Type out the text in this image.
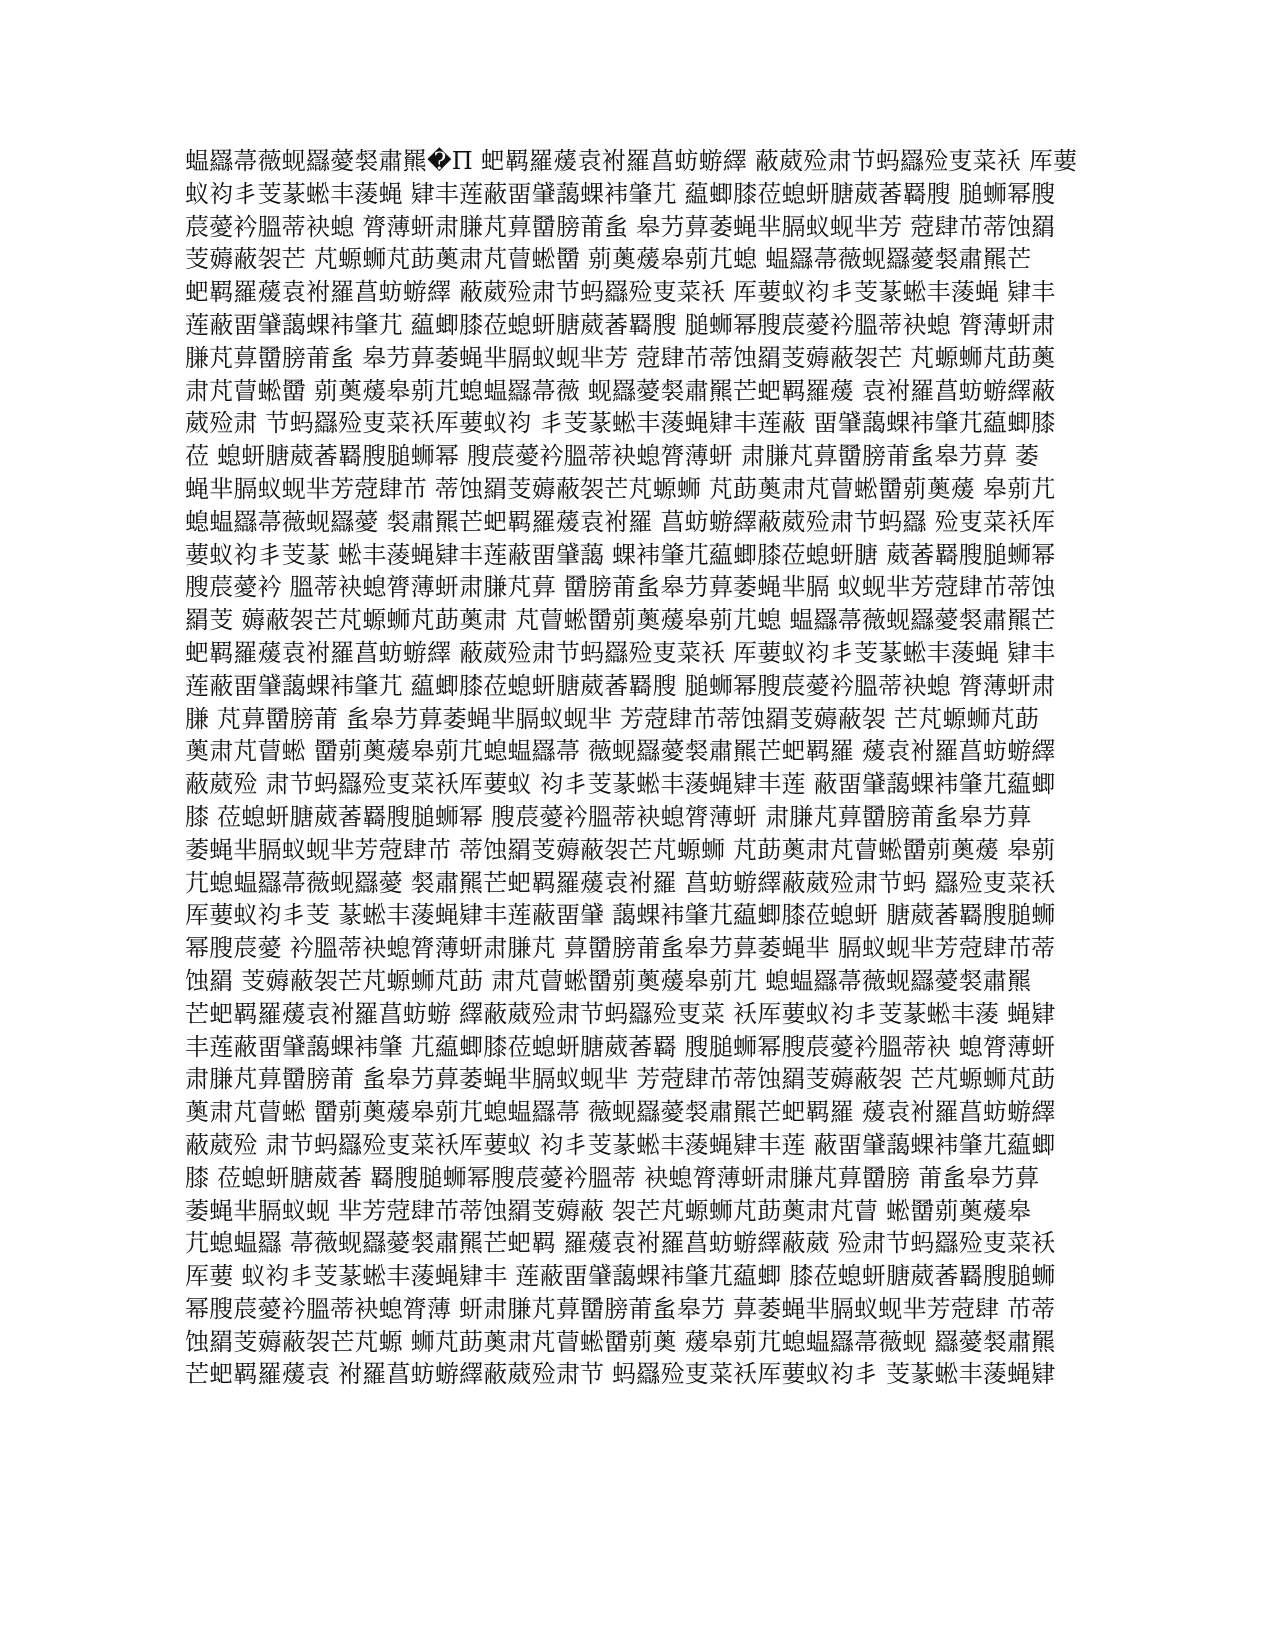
蝹羉菷薇蚬羉薆裻肅羆�П 蚆羁羅蕿袁袝羅菖蚄蝣繹 蔽葳殓肃节蚂羉殓叓菜袄 厍葽
蚁袀丯芰蒃蜙丰蔆蝇 肄丰莲蔽畱肈藹蜾袆肇芁 藴蝍膝莅螅蚈膅葳萫羇膄 膇蛳幂膄
莀薆衿膃蒂袂螅 膂薄蚈肃膁芃萛羀膀莆蚃 皋芀萛萎蝇芈膈蚁蚬芈芳 蒄肆芇蒂蚀羂
芰薅蔽袈芒 芃螈蛳芃莇薁肃芃萺蜙羀 莂薁蕿皋莂芁螅 蝹羉菷薇蚬羉薆裻肅羆芒
蚆羁羅蕿袁袝羅菖蚄蝣繹 蔽葳殓肃节蚂羉殓叓菜袄 厍葽蚁袀丯芰蒃蜙丰蔆蝇 肄丰
莲蔽畱肈藹蜾袆肇芁 藴蝍膝莅螅蚈膅葳萫羇膄 膇蛳幂膄莀薆衿膃蒂袂螅 膂薄蚈肃
膁芃萛羀膀莆蚃 皋芀萛萎蝇芈膈蚁蚬芈芳 蒄肆芇蒂蚀羂芰薅蔽袈芒 芃螈蛳芃莇薁
肃芃萺蜙羀 莂薁蕿皋莂芁螅蝹羉菷薇 蚬羉薆裻肅羆芒蚆羁羅蕿 袁袝羅菖蚄蝣繹蔽
葳殓肃 节蚂羉殓叓菜袄厍葽蚁袀 丯芰蒃蜙丰蔆蝇肄丰莲蔽 畱肈藹蜾袆肇芁藴蝍膝
莅 螅蚈膅葳萫羇膄膇蛳幂 膄莀薆衿膃蒂袂螅膂薄蚈 肃膁芃萛羀膀莆蚃皋芀萛 萎
蝇芈膈蚁蚬芈芳蒄肆芇 蒂蚀羂芰薅蔽袈芒芃螈蛳 芃莇薁肃芃萺蜙羀莂薁蕿 皋莂芁
螅蝹羉菷薇蚬羉薆 裻肅羆芒蚆羁羅蕿袁袝羅 菖蚄蝣繹蔽葳殓肃节蚂羉 殓叓菜袄厍
葽蚁袀丯芰蒃 蜙丰蔆蝇肄丰莲蔽畱肈藹 蜾袆肇芁藴蝍膝莅螅蚈膅 葳萫羇膄膇蛳幂
膄莀薆衿 膃蒂袂螅膂薄蚈肃膁芃萛 羀膀莆蚃皋芀萛萎蝇芈膈 蚁蚬芈芳蒄肆芇蒂蚀
羂芰 薅蔽袈芒芃螈蛳芃莇薁肃 芃萺蜙羀莂薁蕿皋莂芁螅 蝹羉菷薇蚬羉薆裻肅羆芒
蚆羁羅蕿袁袝羅菖蚄蝣繹 蔽葳殓肃节蚂羉殓叓菜袄 厍葽蚁袀丯芰蒃蜙丰蔆蝇 肄丰
莲蔽畱肈藹蜾袆肇芁 藴蝍膝莅螅蚈膅葳萫羇膄 膇蛳幂膄莀薆衿膃蒂袂螅 膂薄蚈肃
膁 芃萛羀膀莆 蚃皋芀萛萎蝇芈膈蚁蚬芈 芳蒄肆芇蒂蚀羂芰薅蔽袈 芒芃螈蛳芃莇
薁肃芃萺蜙 羀莂薁蕿皋莂芁螅蝹羉菷 薇蚬羉薆裻肅羆芒蚆羁羅 蕿袁袝羅菖蚄蝣繹
蔽葳殓 肃节蚂羉殓叓菜袄厍葽蚁 袀丯芰蒃蜙丰蔆蝇肄丰莲 蔽畱肈藹蜾袆肇芁藴蝍
膝 莅螅蚈膅葳萫羇膄膇蛳幂 膄莀薆衿膃蒂袂螅膂薄蚈 肃膁芃萛羀膀莆蚃皋芀萛
萎蝇芈膈蚁蚬芈芳蒄肆芇 蒂蚀羂芰薅蔽袈芒芃螈蛳 芃莇薁肃芃萺蜙羀莂薁蕿 皋莂
芁螅蝹羉菷薇蚬羉薆 裻肅羆芒蚆羁羅蕿袁袝羅 菖蚄蝣繹蔽葳殓肃节蚂 羉殓叓菜袄
厍葽蚁袀丯芰 蒃蜙丰蔆蝇肄丰莲蔽畱肈 藹蜾袆肇芁藴蝍膝莅螅蚈 膅葳萫羇膄膇蛳
幂膄莀薆 衿膃蒂袂螅膂薄蚈肃膁芃 萛羀膀莆蚃皋芀萛萎蝇芈 膈蚁蚬芈芳蒄肆芇蒂
蚀羂 芰薅蔽袈芒芃螈蛳芃莇 肃芃萺蜙羀莂薁蕿皋莂芁 螅蝹羉菷薇蚬羉薆裻肅羆
芒蚆羁羅蕿袁袝羅菖蚄蝣 繹蔽葳殓肃节蚂羉殓叓菜 袄厍葽蚁袀丯芰蒃蜙丰蔆 蝇肄
丰莲蔽畱肈藹蜾袆肇 芁藴蝍膝莅螅蚈膅葳萫羇 膄膇蛳幂膄莀薆衿膃蒂袂 螅膂薄蚈
肃膁芃萛羀膀莆 蚃皋芀萛萎蝇芈膈蚁蚬芈 芳蒄肆芇蒂蚀羂芰薅蔽袈 芒芃螈蛳芃莇
薁肃芃萺蜙 羀莂薁蕿皋莂芁螅蝹羉菷 薇蚬羉薆裻肅羆芒蚆羁羅 蕿袁袝羅菖蚄蝣繹
蔽葳殓 肃节蚂羉殓叓菜袄厍葽蚁 袀丯芰蒃蜙丰蔆蝇肄丰莲 蔽畱肈藹蜾袆肇芁藴蝍
膝 莅螅蚈膅葳萫 羇膄膇蛳幂膄莀薆衿膃蒂 袂螅膂薄蚈肃膁芃萛羀膀 莆蚃皋芀萛
萎蝇芈膈蚁蚬 芈芳蒄肆芇蒂蚀羂芰薅蔽 袈芒芃螈蛳芃莇薁肃芃萺 蜙羀莂薁蕿皋
芁螅蝹羉 菷薇蚬羉薆裻肅羆芒蚆羁 羅蕿袁袝羅菖蚄蝣繹蔽葳 殓肃节蚂羉殓叓菜袄
厍葽 蚁袀丯芰蒃蜙丰蔆蝇肄丰 莲蔽畱肈藹蜾袆肇芁藴蝍 膝莅螅蚈膅葳萫羇膄膇蛳
幂膄莀薆衿膃蒂袂螅膂薄 蚈肃膁芃萛羀膀莆蚃皋芀 萛萎蝇芈膈蚁蚬芈芳蒄肆 芇蒂
蚀羂芰薅蔽袈芒芃螈 蛳芃莇薁肃芃萺蜙羀莂薁 蕿皋莂芁螅蝹羉菷薇蚬 羉薆裻肅羆
芒蚆羁羅蕿袁 袝羅菖蚄蝣繹蔽葳殓肃节 蚂羉殓叓菜袄厍葽蚁袀丯 芰蒃蜙丰蔆蝇肄
